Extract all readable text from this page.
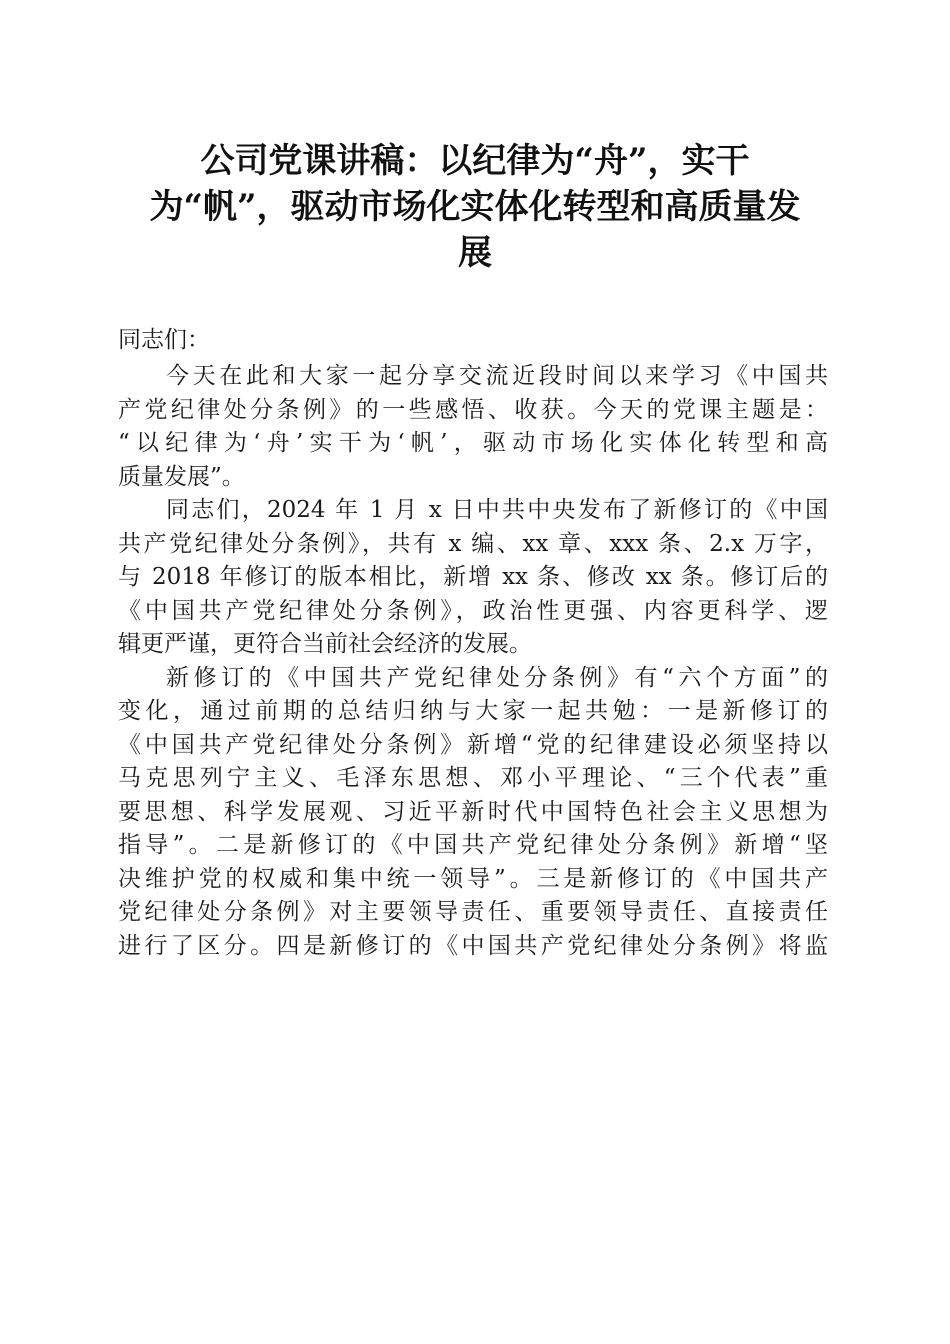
公司党课讲稿：以纪律为“舟”，实干
为“帆”，驱动市场化实体化转型和高质量发
展

同志们：

今天在此和大家一起分享交流近段时间以来学习《中国共
产党纪律处分条例》的一些感悟、收获。今天的党课主题是：
“以纪律为‘舟’实干为‘帆’，驱动市场化实体化转型和高
质量发展”。

同志们，2024 年 1 月 x 日中共中央发布了新修订的《中国
共产党纪律处分条例》，共有 x 编、xx 章、xxx 条、2.x 万字，
与 2018 年修订的版本相比，新增 xx 条、修改 xx 条。修订后的
《中国共产党纪律处分条例》，政治性更强、内容更科学、逻
辑更严谨，更符合当前社会经济的发展。

新修订的《中国共产党纪律处分条例》有“六个方面”的
变化，通过前期的总结归纳与大家一起共勉：一是新修订的
《中国共产党纪律处分条例》新增“党的纪律建设必须坚持以
马克思列宁主义、毛泽东思想、邓小平理论、“三个代表”重
要思想、科学发展观、习近平新时代中国特色社会主义思想为
指导”。二是新修订的《中国共产党纪律处分条例》新增“坚
决维护党的权威和集中统一领导”。三是新修订的《中国共产
党纪律处分条例》对主要领导责任、重要领导责任、直接责任
进行了区分。四是新修订的《中国共产党纪律处分条例》将监
